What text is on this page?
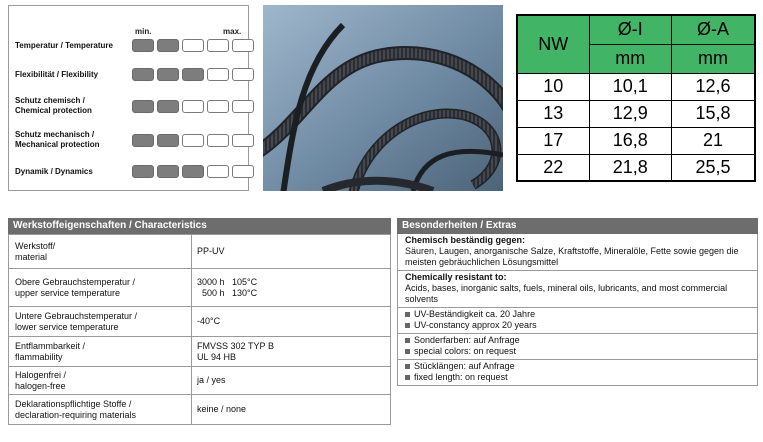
min.	max.
Temperatur / Temperature
Flexibilität / Flexibility
Schutz chemisch /
Chemical protection
Schutz mechanisch /
Mechanical protection
Dynamik / Dynamics
NW	Ø-I	Ø-A
	mm	mm
10	10,1	12,6
13	12,9	15,8
17	16,8	21
22	21,8	25,5
Werkstoffeigenschaften / Characteristics
Werkstoff/
material	PP-UV
Obere Gebrauchstemperatur /
upper service temperature	3000 h   105°C
500 h   130°C
Untere Gebrauchstemperatur /
lower service temperature	-40°C
Entflammbarkeit /
flammability	FMVSS 302 TYP B
UL 94 HB
Halogenfrei /
halogen-free	ja / yes
Deklarationspflichtige Stoffe /
declaration-requiring materials	keine / none
Besonderheiten / Extras
Chemisch beständig gegen:
Säuren, Laugen, anorganische Salze, Kraftstoffe, Mineralöle, Fette sowie gegen die meisten gebräuchlichen Lösungsmittel
Chemically resistant to:
Acids, bases, inorganic salts, fuels, mineral oils, lubricants, and most commercial solvents
UV-Beständigkeit ca. 20 Jahre
UV-constancy approx 20 years
Sonderfarben: auf Anfrage
special colors: on request
Stücklängen: auf Anfrage
fixed length: on request
